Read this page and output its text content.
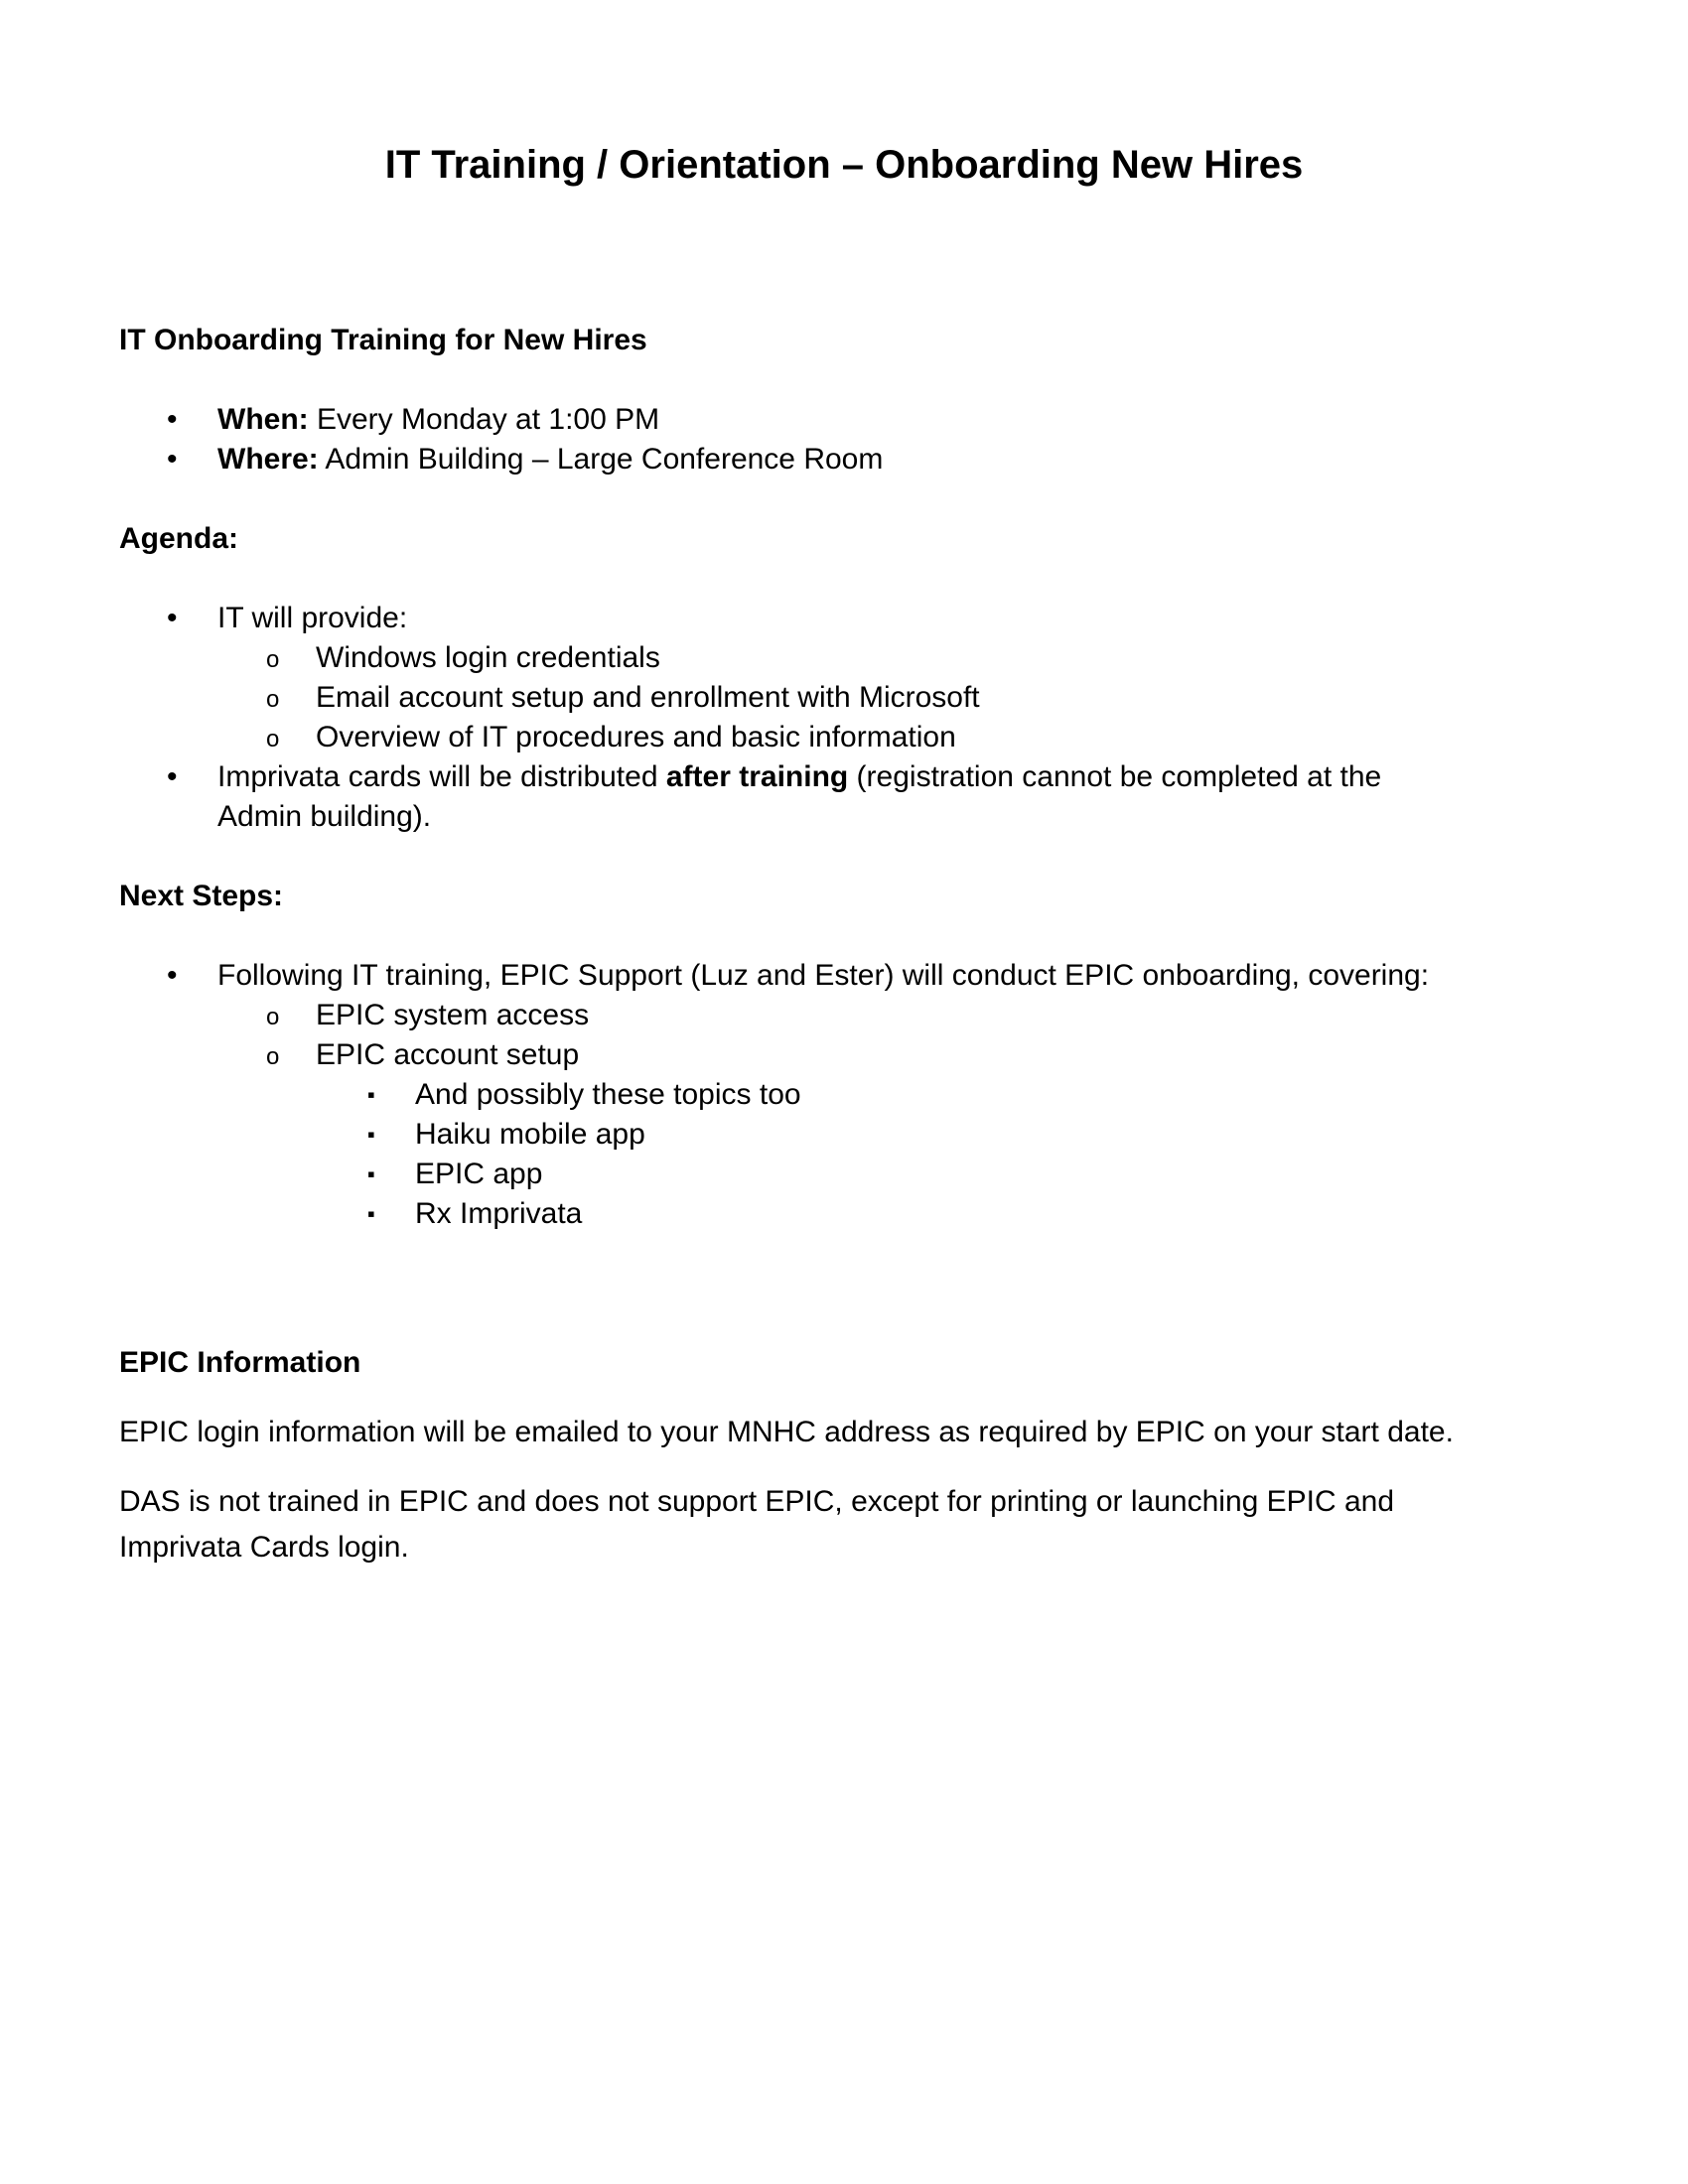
IT Training / Orientation – Onboarding New Hires
IT Onboarding Training for New Hires
• When: Every Monday at 1:00 PM
• Where: Admin Building – Large Conference Room
Agenda:
• IT will provide:
o Windows login credentials
o Email account setup and enrollment with Microsoft
o Overview of IT procedures and basic information
• Imprivata cards will be distributed after training (registration cannot be completed at the
Admin building).
Next Steps:
• Following IT training, EPIC Support (Luz and Ester) will conduct EPIC onboarding, covering:
o EPIC system access
o EPIC account setup
▪ And possibly these topics too
▪ Haiku mobile app
▪ EPIC app
▪ Rx Imprivata
EPIC Information
EPIC login information will be emailed to your MNHC address as required by EPIC on your start date.
DAS is not trained in EPIC and does not support EPIC, except for printing or launching EPIC and
Imprivata Cards login.
